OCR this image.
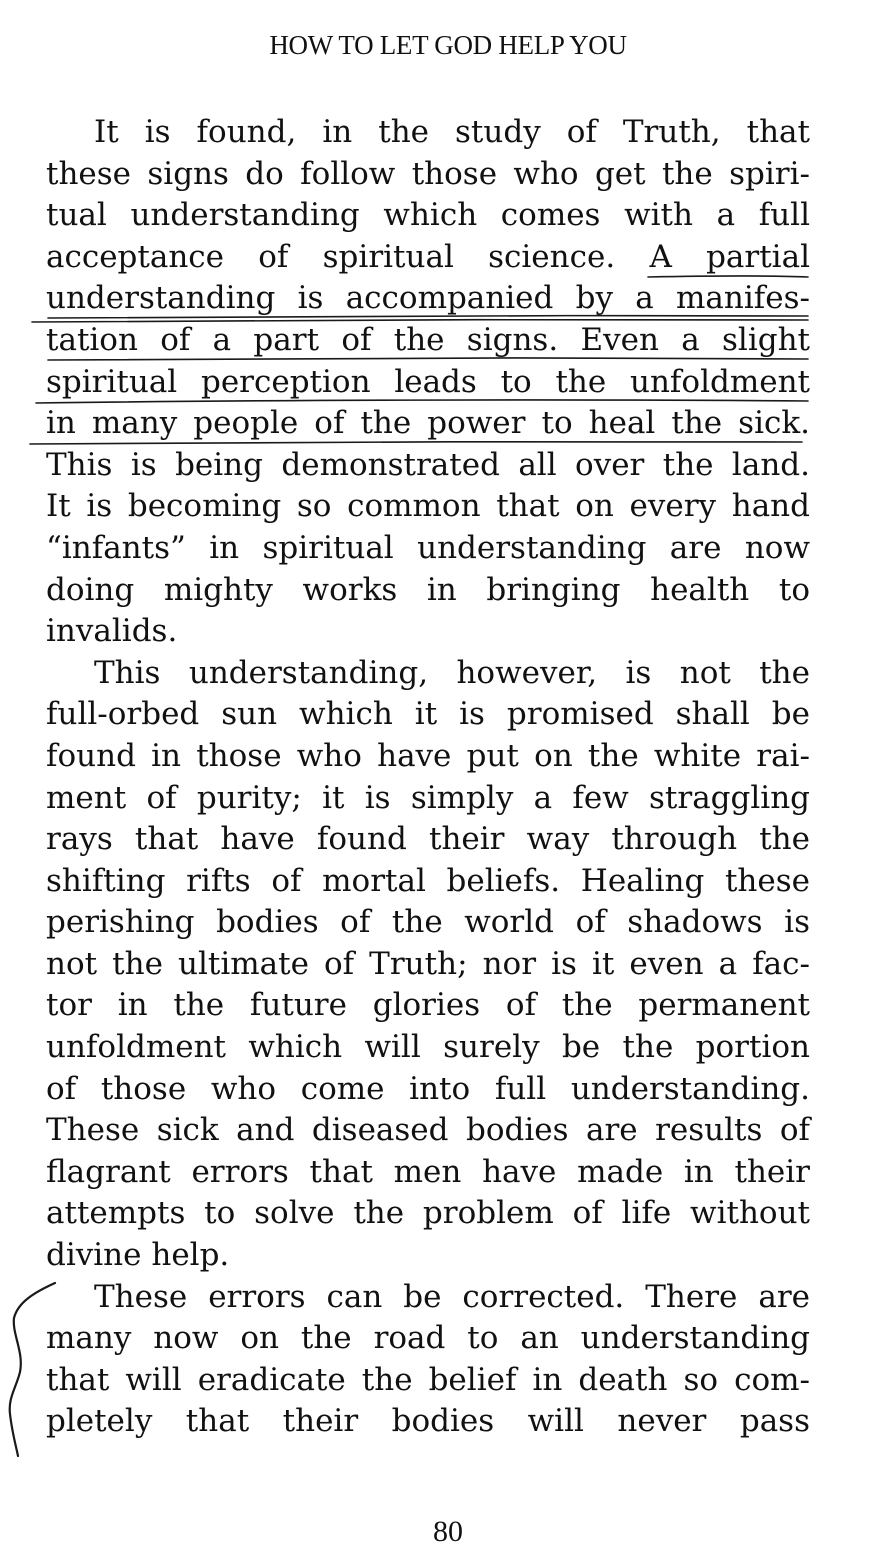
HOW TO LET GOD HELP YOU
It is found, in the study of Truth, that
these signs do follow those who get the spiri-
tual understanding which comes with a full
acceptance of spiritual science. A partial
understanding is accompanied by a manifes-
tation of a part of the signs. Even a slight
spiritual perception leads to the unfoldment
in many people of the power to heal the sick.
This is being demonstrated all over the land.
It is becoming so common that on every hand
“infants” in spiritual understanding are now
doing mighty works in bringing health to
invalids.
This understanding, however, is not the
full-orbed sun which it is promised shall be
found in those who have put on the white rai-
ment of purity; it is simply a few straggling
rays that have found their way through the
shifting rifts of mortal beliefs. Healing these
perishing bodies of the world of shadows is
not the ultimate of Truth; nor is it even a fac-
tor in the future glories of the permanent
unfoldment which will surely be the portion
of those who come into full understanding.
These sick and diseased bodies are results of
flagrant errors that men have made in their
attempts to solve the problem of life without
divine help.
These errors can be corrected. There are
many now on the road to an understanding
that will eradicate the belief in death so com-
pletely that their bodies will never pass
80
